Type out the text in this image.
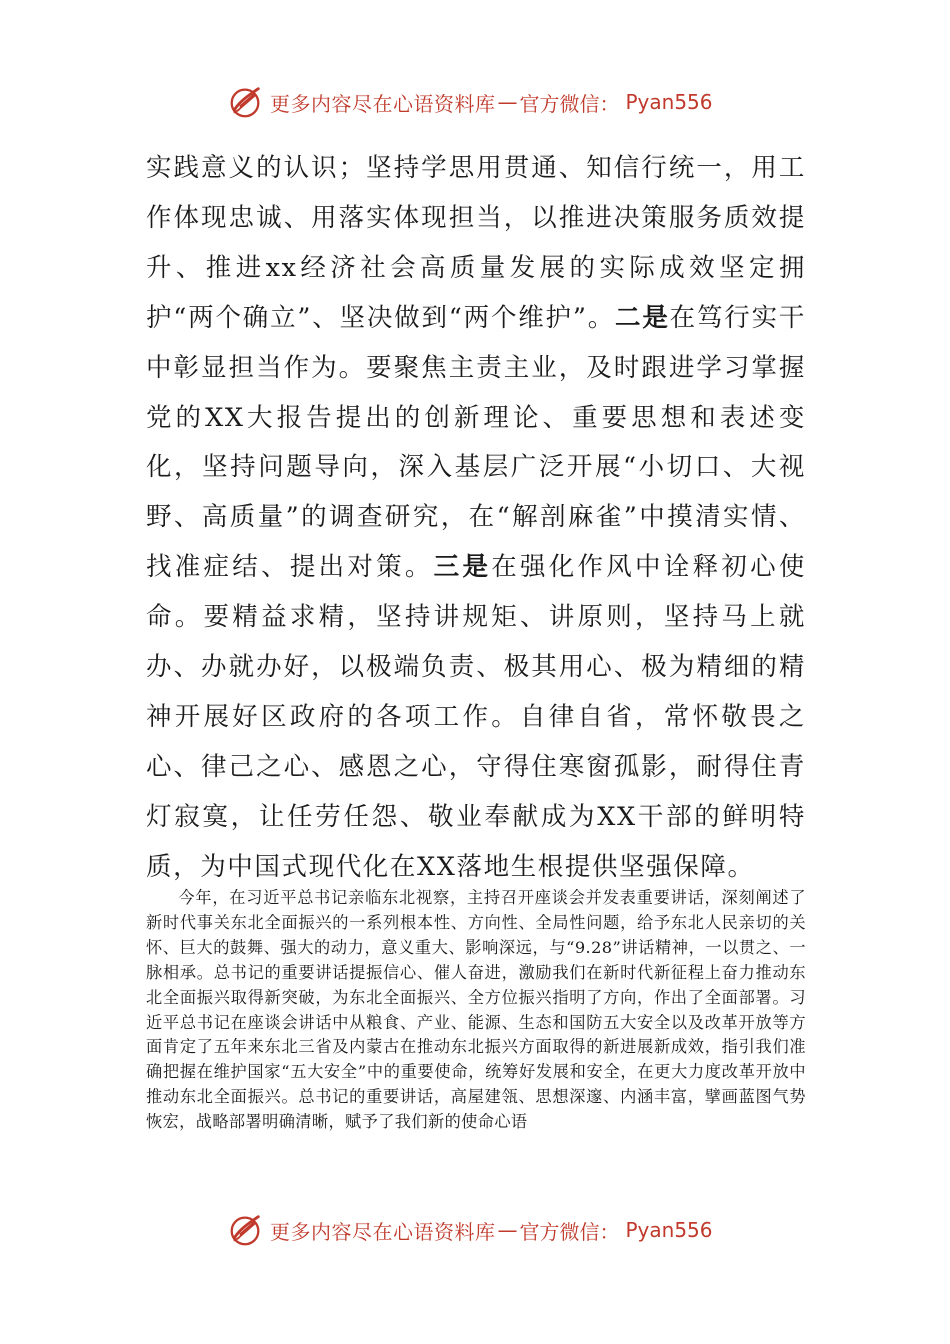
更多内容尽在心语资料库 — 官方微信： Pyan556

实践意义的认识；坚持学思用贯通、知信行统一，用工作体现忠诚、用落实体现担当，以推进决策服务质效提升、推进xx经济社会高质量发展的实际成效坚定拥护“两个确立”、坚决做到“两个维护”。二是在笃行实干中彰显担当作为。要聚焦主责主业，及时跟进学习掌握党的XX大报告提出的创新理论、重要思想和表述变化，坚持问题导向，深入基层广泛开展“小切口、大视野、高质量”的调查研究，在“解剖麻雀”中摸清实情、找准症结、提出对策。三是在强化作风中诠释初心使命。要精益求精，坚持讲规矩、讲原则，坚持马上就办、办就办好，以极端负责、极其用心、极为精细的精神开展好区政府的各项工作。自律自省，常怀敬畏之心、律己之心、感恩之心，守得住寒窗孤影，耐得住青灯寂寞，让任劳任怨、敬业奉献成为XX干部的鲜明特质，为中国式现代化在XX落地生根提供坚强保障。

今年，在习近平总书记亲临东北视察，主持召开座谈会并发表重要讲话，深刻阐述了新时代事关东北全面振兴的一系列根本性、方向性、全局性问题，给予东北人民亲切的关怀、巨大的鼓舞、强大的动力，意义重大、影响深远，与“9.28”讲话精神，一以贯之、一脉相承。总书记的重要讲话提振信心、催人奋进，激励我们在新时代新征程上奋力推动东北全面振兴取得新突破，为东北全面振兴、全方位振兴指明了方向，作出了全面部署。习近平总书记在座谈会讲话中从粮食、产业、能源、生态和国防五大安全以及改革开放等方面肯定了五年来东北三省及内蒙古在推动东北振兴方面取得的新进展新成效，指引我们准确把握在维护国家“五大安全”中的重要使命，统筹好发展和安全，在更大力度改革开放中推动东北全面振兴。总书记的重要讲话，高屋建瓴、思想深邃、内涵丰富，擘画蓝图气势恢宏，战略部署明确清晰，赋予了我们新的使命心语

更多内容尽在心语资料库 — 官方微信： Pyan556
